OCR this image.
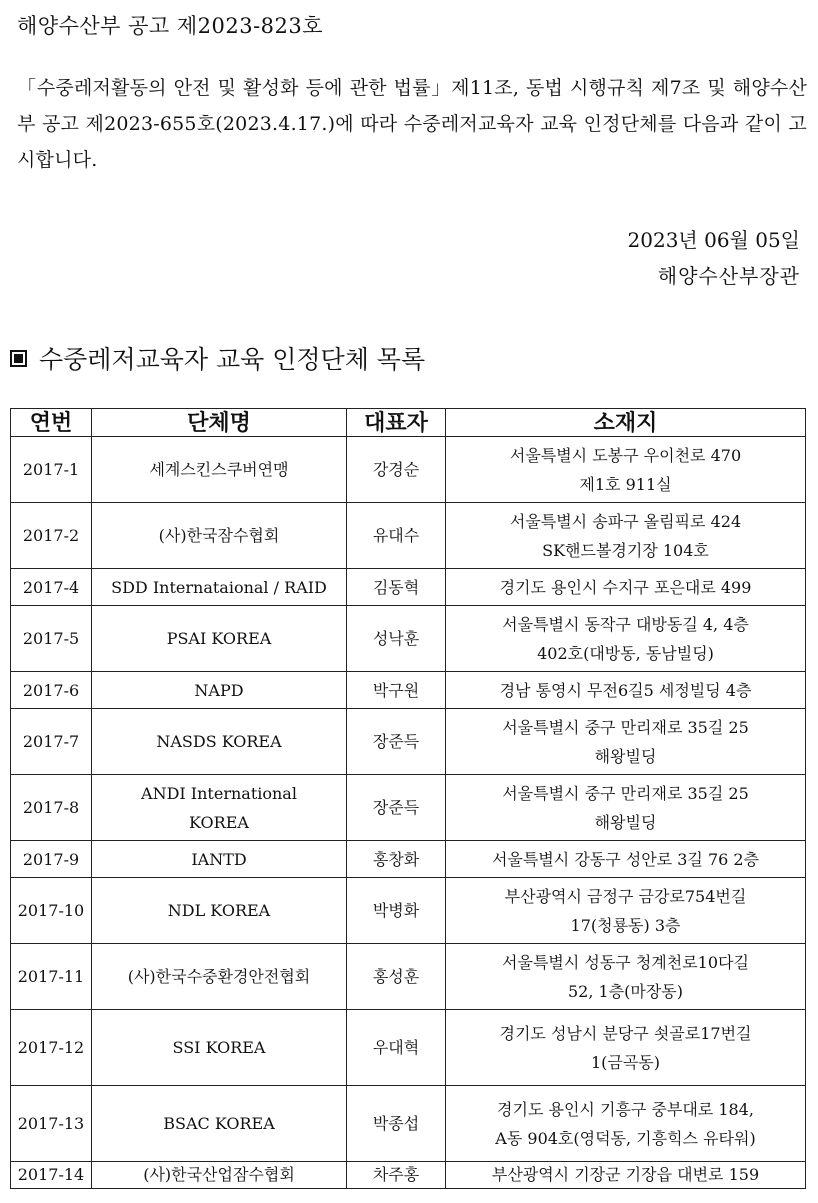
해양수산부 공고 제2023-823호
「수중레저활동의 안전 및 활성화 등에 관한 법률」제11조, 동법 시행규칙 제7조 및 해양수산부 공고 제2023-655호(2023.4.17.)에 따라 수중레저교육자 교육 인정단체를 다음과 같이 고시합니다.
2023년 06월 05일
해양수산부장관
수중레저교육자 교육 인정단체 목록
연번	단체명	대표자	소재지
2017-1	세계스킨스쿠버연맹	강경순	서울특별시 도봉구 우이천로 470
제1호 911실
2017-2	(사)한국잠수협회	유대수	서울특별시 송파구 올림픽로 424
SK핸드볼경기장 104호
2017-4	SDD Internataional / RAID	김동혁	경기도 용인시 수지구 포은대로 499
2017-5	PSAI KOREA	성낙훈	서울특별시 동작구 대방동길 4, 4층
402호(대방동, 동남빌딩)
2017-6	NAPD	박구원	경남 통영시 무전6길5 세정빌딩 4층
2017-7	NASDS KOREA	장준득	서울특별시 중구 만리재로 35길 25
해왕빌딩
2017-8	ANDI International
KOREA	장준득	서울특별시 중구 만리재로 35길 25
해왕빌딩
2017-9	IANTD	홍창화	서울특별시 강동구 성안로 3길 76 2층
2017-10	NDL KOREA	박병화	부산광역시 금정구 금강로754번길
17(청룡동) 3층
2017-11	(사)한국수중환경안전협회	홍성훈	서울특별시 성동구 청계천로10다길
52, 1층(마장동)
2017-12	SSI KOREA	우대혁	경기도 성남시 분당구 쇳골로17번길
1(금곡동)
2017-13	BSAC KOREA	박종섭	경기도 용인시 기흥구 중부대로 184,
A동 904호(영덕동, 기흥힉스 유타워)
2017-14	(사)한국산업잠수협회	차주홍	부산광역시 기장군 기장읍 대변로 159
